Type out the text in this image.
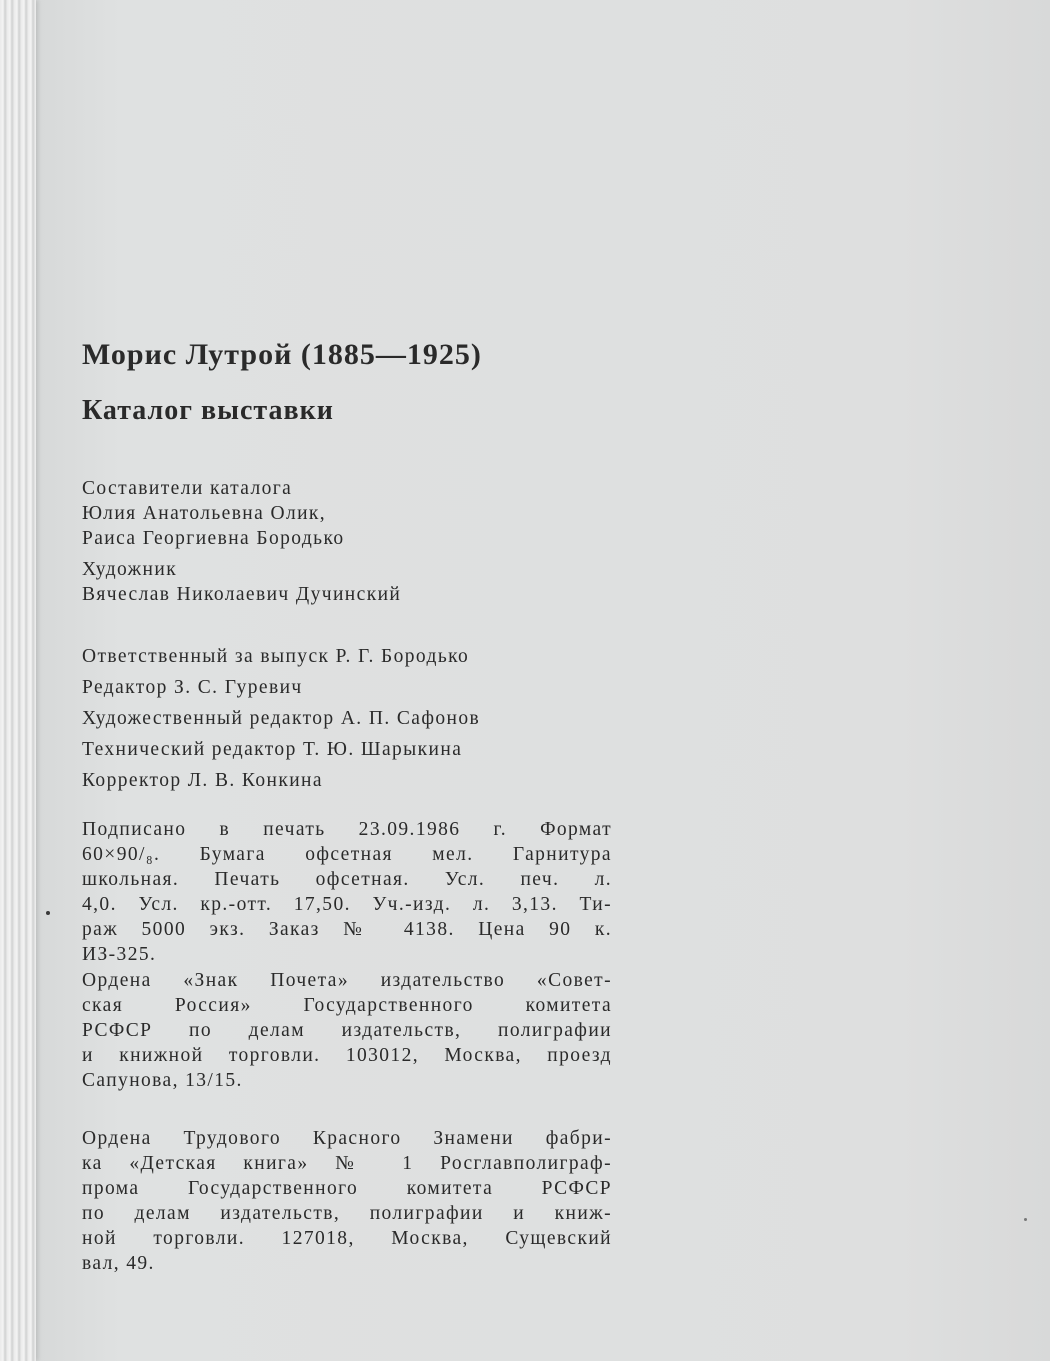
Морис Лутрой (1885—1925)
Каталог выставки
Составители каталога
Юлия Анатольевна Олик,
Раиса Георгиевна Бородько
Художник
Вячеслав Николаевич Дучинский
Ответственный за выпуск Р. Г. Бородько
Редактор З. С. Гуревич
Художественный редактор А. П. Сафонов
Технический редактор Т. Ю. Шарыкина
Корректор Л. В. Конкина
Подписано в печать 23.09.1986 г. Формат
60×90/₈. Бумага офсетная мел. Гарнитура
школьная. Печать офсетная. Усл. печ. л.
4,0. Усл. кр.-отт. 17,50. Уч.-изд. л. 3,13. Ти-
раж 5000 экз. Заказ № 4138. Цена 90 к.
ИЗ-325.
Ордена «Знак Почета» издательство «Совет-
ская Россия» Государственного комитета
РСФСР по делам издательств, полиграфии
и книжной торговли. 103012, Москва, проезд
Сапунова, 13/15.
Ордена Трудового Красного Знамени фабри-
ка «Детская книга» № 1 Росглавполиграф-
прома Государственного комитета РСФСР
по делам издательств, полиграфии и книж-
ной торговли. 127018, Москва, Сущевский
вал, 49.
